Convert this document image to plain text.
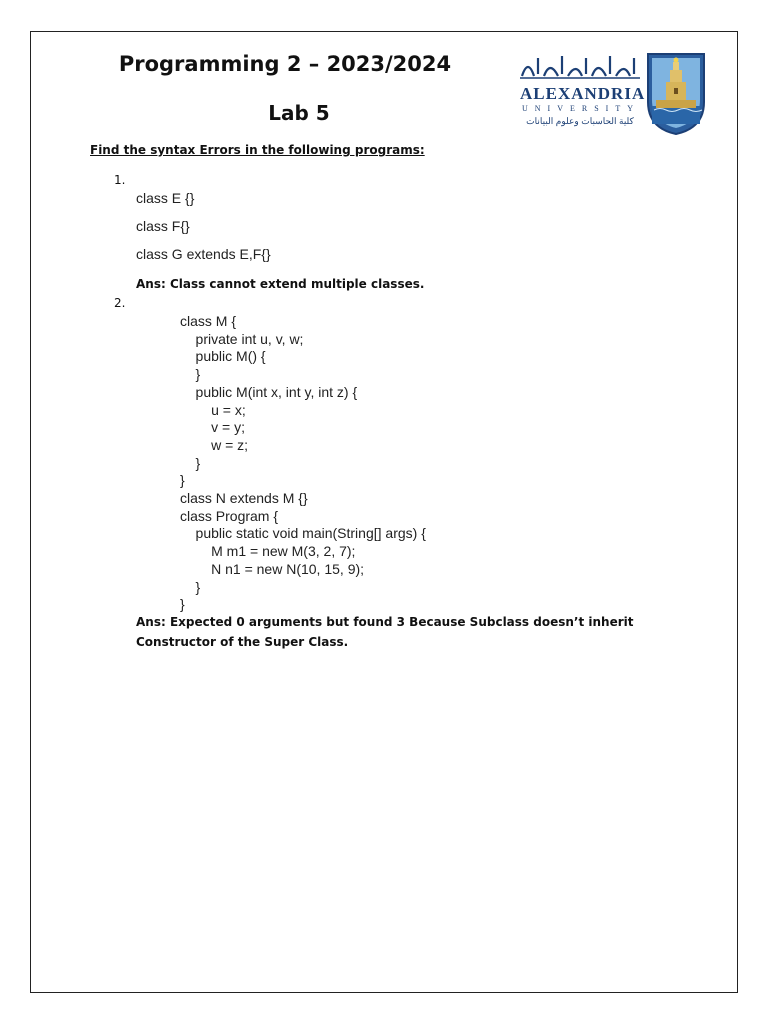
Programming 2 – 2023/2024
Lab 5
ALEXANDRIA
UNIVERSITY
كلية الحاسبات وعلوم البيانات
Find the syntax Errors in the following programs:
1.
class E {}
class F{}
class G extends E,F{}
Ans: Class cannot extend multiple classes.
2.
class M {
private int u, v, w;
public M() {
}
public M(int x, int y, int z) {
u = x;
v = y;
w = z;
}
}
class N extends M {}
class Program {
public static void main(String[] args) {
M m1 = new M(3, 2, 7);
N n1 = new N(10, 15, 9);
}
}
Ans: Expected 0 arguments but found 3 Because Subclass doesn’t inherit Constructor of the Super Class.
